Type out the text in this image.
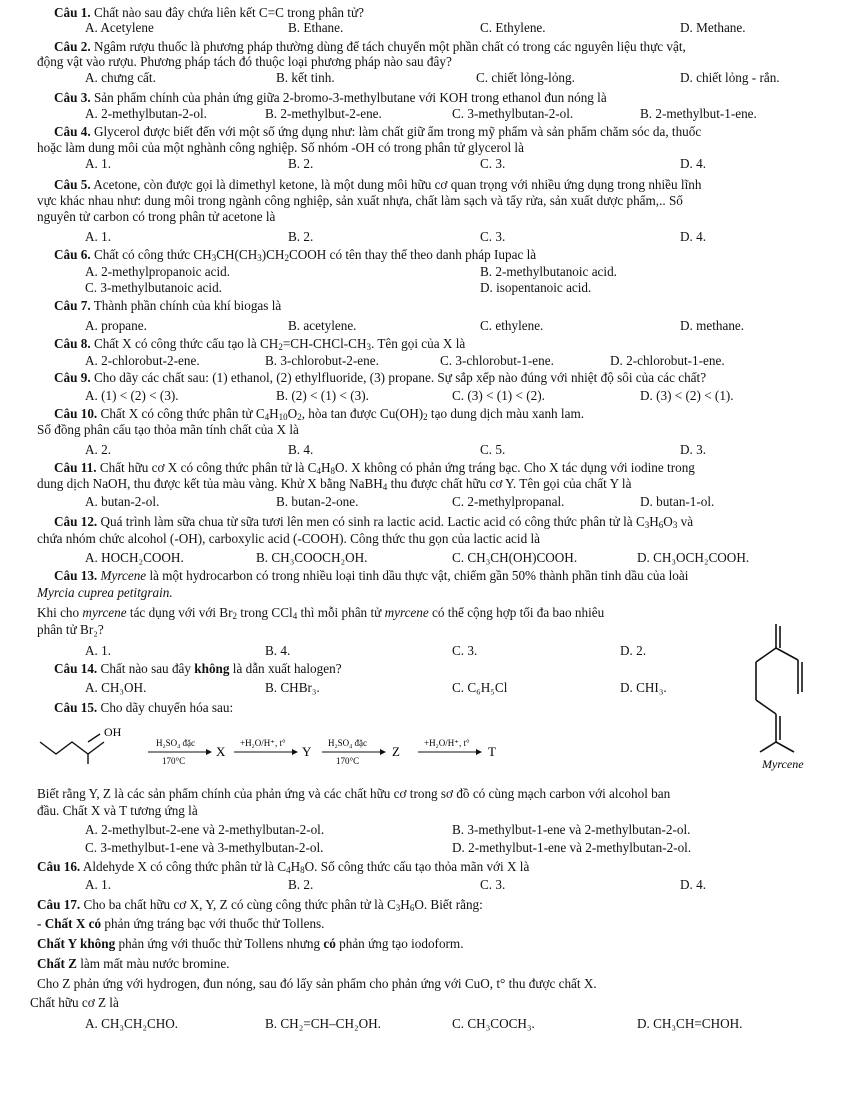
Câu 1. Chất nào sau đây chứa liên kết C=C trong phân tử?
A. Acetylene	B. Ethane.	C. Ethylene.	D. Methane.
Câu 2. Ngâm rượu thuốc là phương pháp thường dùng để tách chuyển một phần chất có trong các nguyên liệu thực vật,
động vật vào rượu. Phương pháp tách đó thuộc loại phương pháp nào sau đây?
A. chưng cất.	B. kết tinh.	C. chiết lỏng-lỏng.	D. chiết lỏng - rắn.
Câu 3. Sản phẩm chính của phản ứng giữa 2-bromo-3-methylbutane với KOH trong ethanol đun nóng là
A. 2-methylbutan-2-ol.	B. 2-methylbut-2-ene.	C. 3-methylbutan-2-ol.	B. 2-methylbut-1-ene.
Câu 4. Glycerol được biết đến với một số ứng dụng như: làm chất giữ ẩm trong mỹ phẩm và sản phẩm chăm sóc da, thuốc
hoặc làm dung môi của một nghành công nghiệp. Số nhóm -OH có trong phân tử glycerol là
A. 1.	B. 2.	C. 3.	D. 4.
Câu 5. Acetone, còn được gọi là dimethyl ketone, là một dung môi hữu cơ quan trọng với nhiều ứng dụng trong nhiều lĩnh
vực khác nhau như: dung môi trong ngành công nghiệp, sản xuất nhựa, chất làm sạch và tẩy rửa, sản xuất dược phẩm,.. Số
nguyên tử carbon có trong phân tử acetone là
A. 1.	B. 2.	C. 3.	D. 4.
Câu 6. Chất có công thức $CH_3CH(CH_3)CH_2COOH$ có tên thay thế theo danh pháp Iupac là
A. 2-methylpropanoic acid.	B. 2-methylbutanoic acid.
C. 3-methylbutanoic acid.	D. isopentanoic acid.
Câu 7. Thành phần chính của khí biogas là
A. propane.	B. acetylene.	C. ethylene.	D. methane.
Câu 8. Chất X có công thức cấu tạo là $CH_2=CH-CHCl-CH_3$. Tên gọi của X là
A. 2-chlorobut-2-ene.	B. 3-chlorobut-2-ene.	C. 3-chlorobut-1-ene.	D. 2-chlorobut-1-ene.
Câu 9. Cho dãy các chất sau: (1) ethanol, (2) ethylfluoride, (3) propane. Sự sắp xếp nào đúng với nhiệt độ sôi của các chất?
A. (1) < (2) < (3).	B. (2) < (1) < (3).	C. (3) < (1) < (2).	D. (3) < (2) < (1).
Câu 10. Chất X có công thức phân tử $C_4H_{10}O_2$, hòa tan được $Cu(OH)_2$ tạo dung dịch màu xanh lam.
Số đồng phân cấu tạo thỏa mãn tính chất của X là
A. 2.	B. 4.	C. 5.	D. 3.
Câu 11. Chất hữu cơ X có công thức phân tử là $C_4H_8O$. X không có phản ứng tráng bạc. Cho X tác dụng với iodine trong
dung dịch NaOH, thu được kết tủa màu vàng. Khử X bằng NaBH$_4$ thu được chất hữu cơ Y. Tên gọi của chất Y là
A. butan-2-ol.	B. butan-2-one.	C. 2-methylpropanal.	D. butan-1-ol.
Câu 12. Quá trình làm sữa chua từ sữa tươi lên men có sinh ra lactic acid. Lactic acid có công thức phân tử là $C_3H_6O_3$ và
chứa nhóm chức alcohol (-OH), carboxylic acid (-COOH). Công thức thu gọn của lactic acid là
A. HOCH₂COOH.	B. CH₃COOCH₂OH.	C. CH₃CH(OH)COOH.	D. CH₃OCH₂COOH.
Câu 13. Myrcene là một hydrocarbon có trong nhiều loại tinh dầu thực vật, chiếm gần 50% thành phần tinh dầu của loài
Myrcia cuprea petitgrain.
Khi cho myrcene tác dụng với với $Br_2$ trong CCl$_4$ thì mỗi phân tử myrcene có thể cộng hợp tối đa bao nhiêu
phân tử Br₂?
A. 1.	B. 4.	C. 3.	D. 2.
Myrcene
Câu 14. Chất nào sau đây không là dẫn xuất halogen?
A. CH₃OH.	B. CHBr₃.	C. C₆H₅Cl	D. CHI₃.
Câu 15. Cho dãy chuyển hóa sau:
OH
H₂SO₄ đặc
170°C
X
+H₂O/H⁺, t°
Y
H₂SO₄ đặc
170°C
Z
+H₂O/H⁺, t°
T
Biết rằng Y, Z là các sản phẩm chính của phản ứng và các chất hữu cơ trong sơ đồ có cùng mạch carbon với alcohol ban
đầu. Chất X và T tương ứng là
A. 2-methylbut-2-ene và 2-methylbutan-2-ol.	B. 3-methylbut-1-ene và 2-methylbutan-2-ol.
C. 3-methylbut-1-ene và 3-methylbutan-2-ol.	D. 2-methylbut-1-ene và 2-methylbutan-2-ol.
Câu 16. Aldehyde X có công thức phân tử là $C_4H_8O$. Số công thức cấu tạo thỏa mãn với X là
A. 1.	B. 2.	C. 3.	D. 4.
Câu 17. Cho ba chất hữu cơ X, Y, Z có cùng công thức phân tử là $C_3H_6O$. Biết rằng:
- Chất X có phản ứng tráng bạc với thuốc thử Tollens.
Chất Y không phản ứng với thuốc thử Tollens nhưng có phản ứng tạo iodoform.
Chất Z làm mất màu nước bromine.
Cho Z phản ứng với hydrogen, đun nóng, sau đó lấy sản phẩm cho phản ứng với CuO, t° thu được chất X.
Chất hữu cơ Z là
A. CH₃CH₂CHO.	B. CH₂=CH–CH₂OH.	C. CH₃COCH₃.	D. CH₃CH=CHOH.
